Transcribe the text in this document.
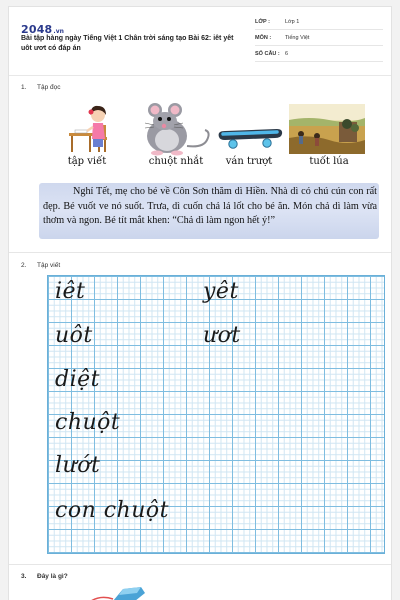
2048.vn
Bài tập hàng ngày Tiếng Việt 1 Chân trời sáng tạo Bài 62: iêt yêt uôt ươt có đáp án
LỚP :	Lớp 1
MÔN :	Tiếng Việt
SỐ CÂU : 6
1. Tập đọc
tập viết	chuột nhắt	ván trượt	tuốt lúa
Nghỉ Tết, mẹ cho bé về Côn Sơn thăm dì Hiền. Nhà dì có chú cún con rất đẹp. Bé vuốt ve nó suốt. Trưa, dì cuốn chả lá lốt cho bé ăn. Món chả dì làm vừa thơm và ngon. Bé tít mắt khen: “Chả dì làm ngon hết ý!”
2. Tập viết
iêt	yêt
uôt	ươt
diệt
chuột
lướt
con chuột
3. Đây là gì?
